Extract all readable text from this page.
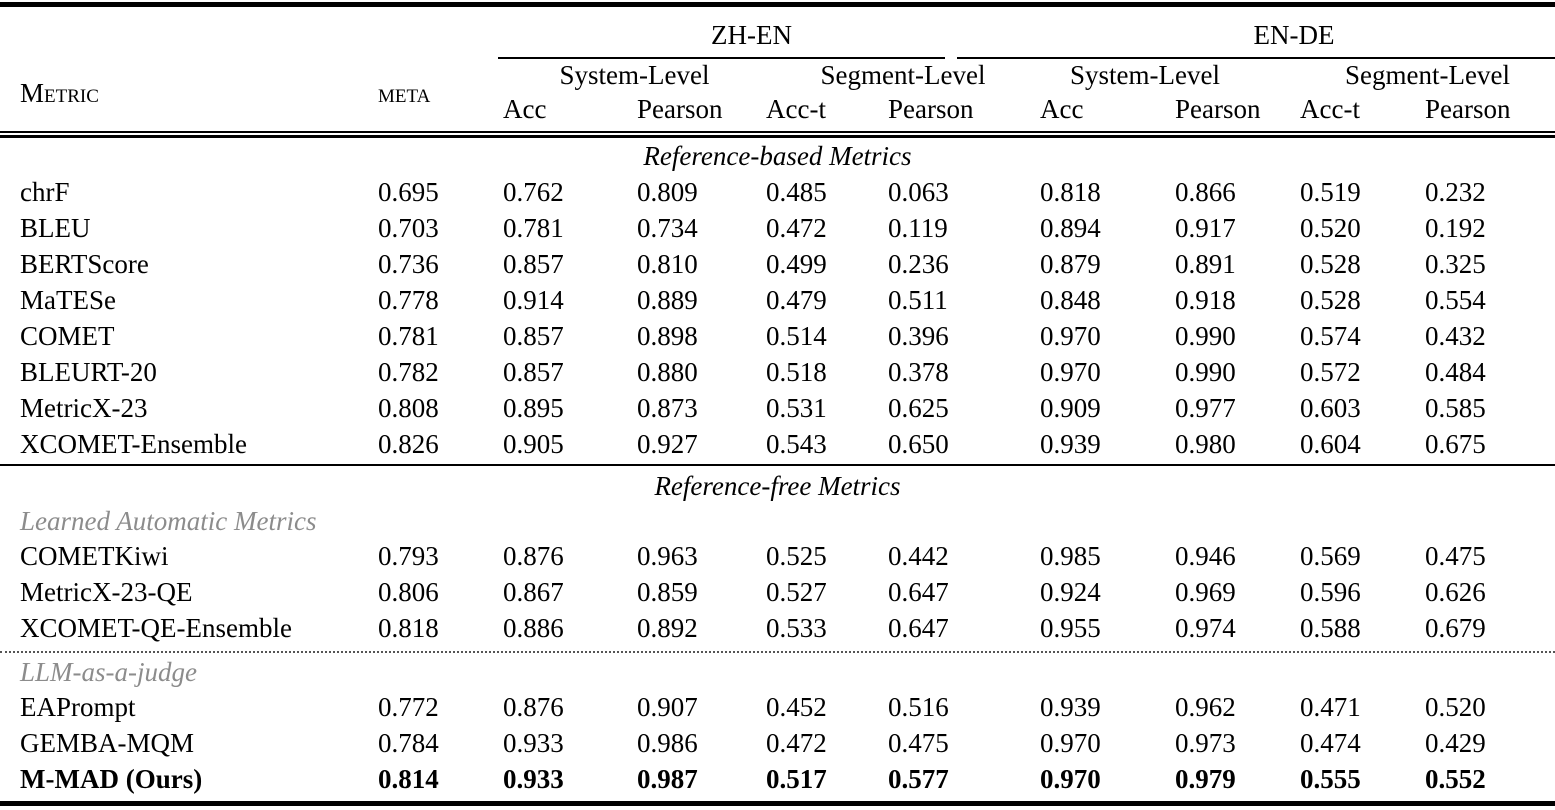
ZH-EN	EN-DE
Metric	meta
System-Level	Segment-Level	System-Level	Segment-Level
Acc	Pearson	Acc-t	Pearson	Acc	Pearson	Acc-t	Pearson
Reference-based Metrics
chrF	0.695	0.762	0.809	0.485	0.063	0.818	0.866	0.519	0.232
BLEU	0.703	0.781	0.734	0.472	0.119	0.894	0.917	0.520	0.192
BERTScore	0.736	0.857	0.810	0.499	0.236	0.879	0.891	0.528	0.325
MaTESe	0.778	0.914	0.889	0.479	0.511	0.848	0.918	0.528	0.554
COMET	0.781	0.857	0.898	0.514	0.396	0.970	0.990	0.574	0.432
BLEURT-20	0.782	0.857	0.880	0.518	0.378	0.970	0.990	0.572	0.484
MetricX-23	0.808	0.895	0.873	0.531	0.625	0.909	0.977	0.603	0.585
XCOMET-Ensemble	0.826	0.905	0.927	0.543	0.650	0.939	0.980	0.604	0.675
Reference-free Metrics
Learned Automatic Metrics
COMETKiwi	0.793	0.876	0.963	0.525	0.442	0.985	0.946	0.569	0.475
MetricX-23-QE	0.806	0.867	0.859	0.527	0.647	0.924	0.969	0.596	0.626
XCOMET-QE-Ensemble	0.818	0.886	0.892	0.533	0.647	0.955	0.974	0.588	0.679
LLM-as-a-judge
EAPrompt	0.772	0.876	0.907	0.452	0.516	0.939	0.962	0.471	0.520
GEMBA-MQM	0.784	0.933	0.986	0.472	0.475	0.970	0.973	0.474	0.429
M-MAD (Ours)	0.814	0.933	0.987	0.517	0.577	0.970	0.979	0.555	0.552
